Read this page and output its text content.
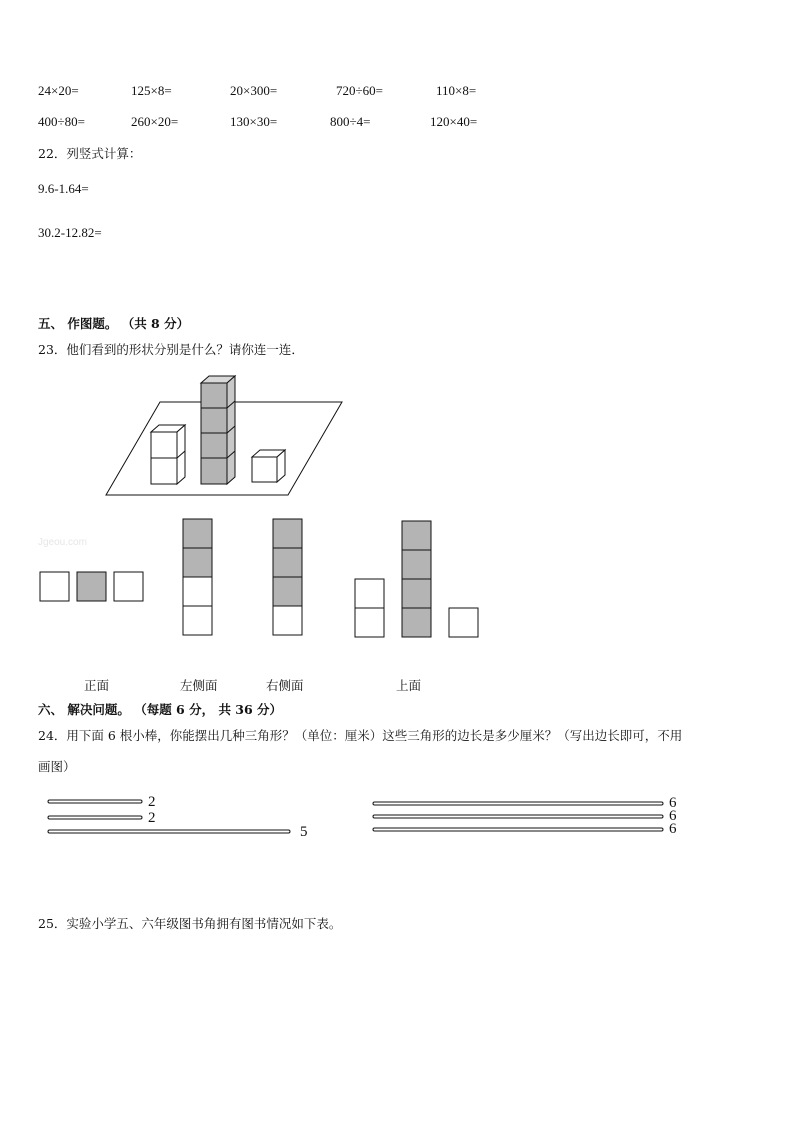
24×20=	125×8=	20×300=	720÷60=	110×8=
400÷80=	260×20=	130×30=	800÷4=	120×40=
22．列竖式计算：
9.6-1.64=
30.2-12.82=
五、 作图题。 （共 8 分）
23．他们看到的形状分别是什么？请你连一连．
Jgeou.com
正面	左侧面	右侧面	上面
六、 解决问题。 （每题 6 分， 共 36 分）
24．用下面 6 根小棒，你能摆出几种三角形？（单位：厘米）这些三角形的边长是多少厘米？（写出边长即可，不用
画图）
2
2
5
6
6
6
25．实验小学五、六年级图书角拥有图书情况如下表。
